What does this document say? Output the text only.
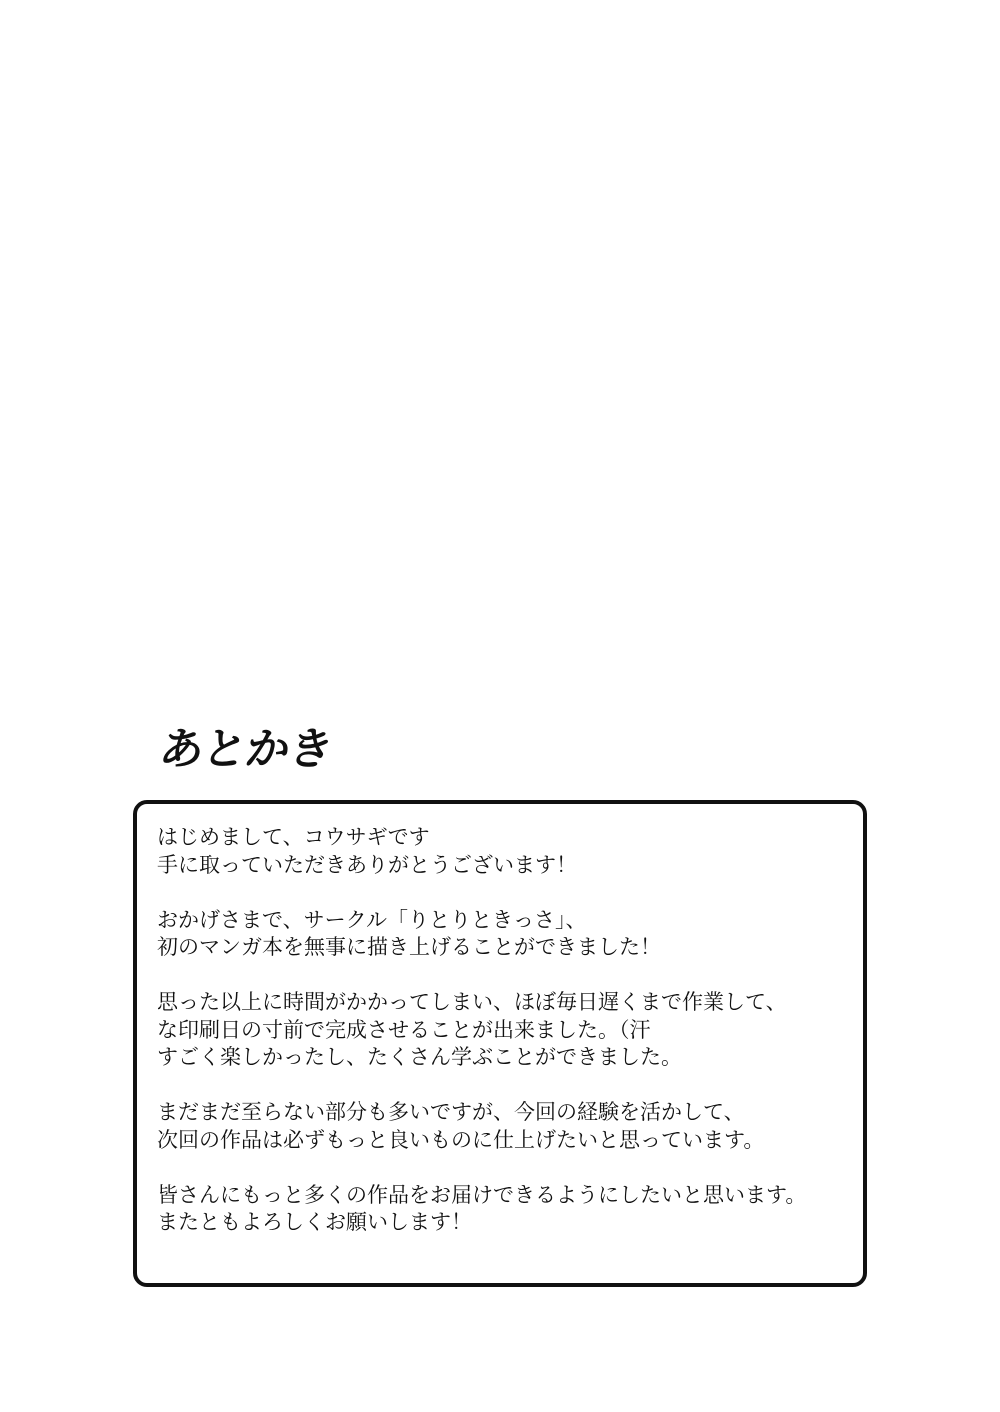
あとかき
はじめまして、コウサギです
手に取っていただきありがとうございます！
おかげさまで、サークル「りとりときっさ」、
初のマンガ本を無事に描き上げることができました！
思った以上に時間がかかってしまい、ほぼ毎日遅くまで作業して、
な印刷日の寸前で完成させることが出来ました。（汗
すごく楽しかったし、たくさん学ぶことができました。
まだまだ至らない部分も多いですが、今回の経験を活かして、
次回の作品は必ずもっと良いものに仕上げたいと思っています。
皆さんにもっと多くの作品をお届けできるようにしたいと思います。
またともよろしくお願いします！
